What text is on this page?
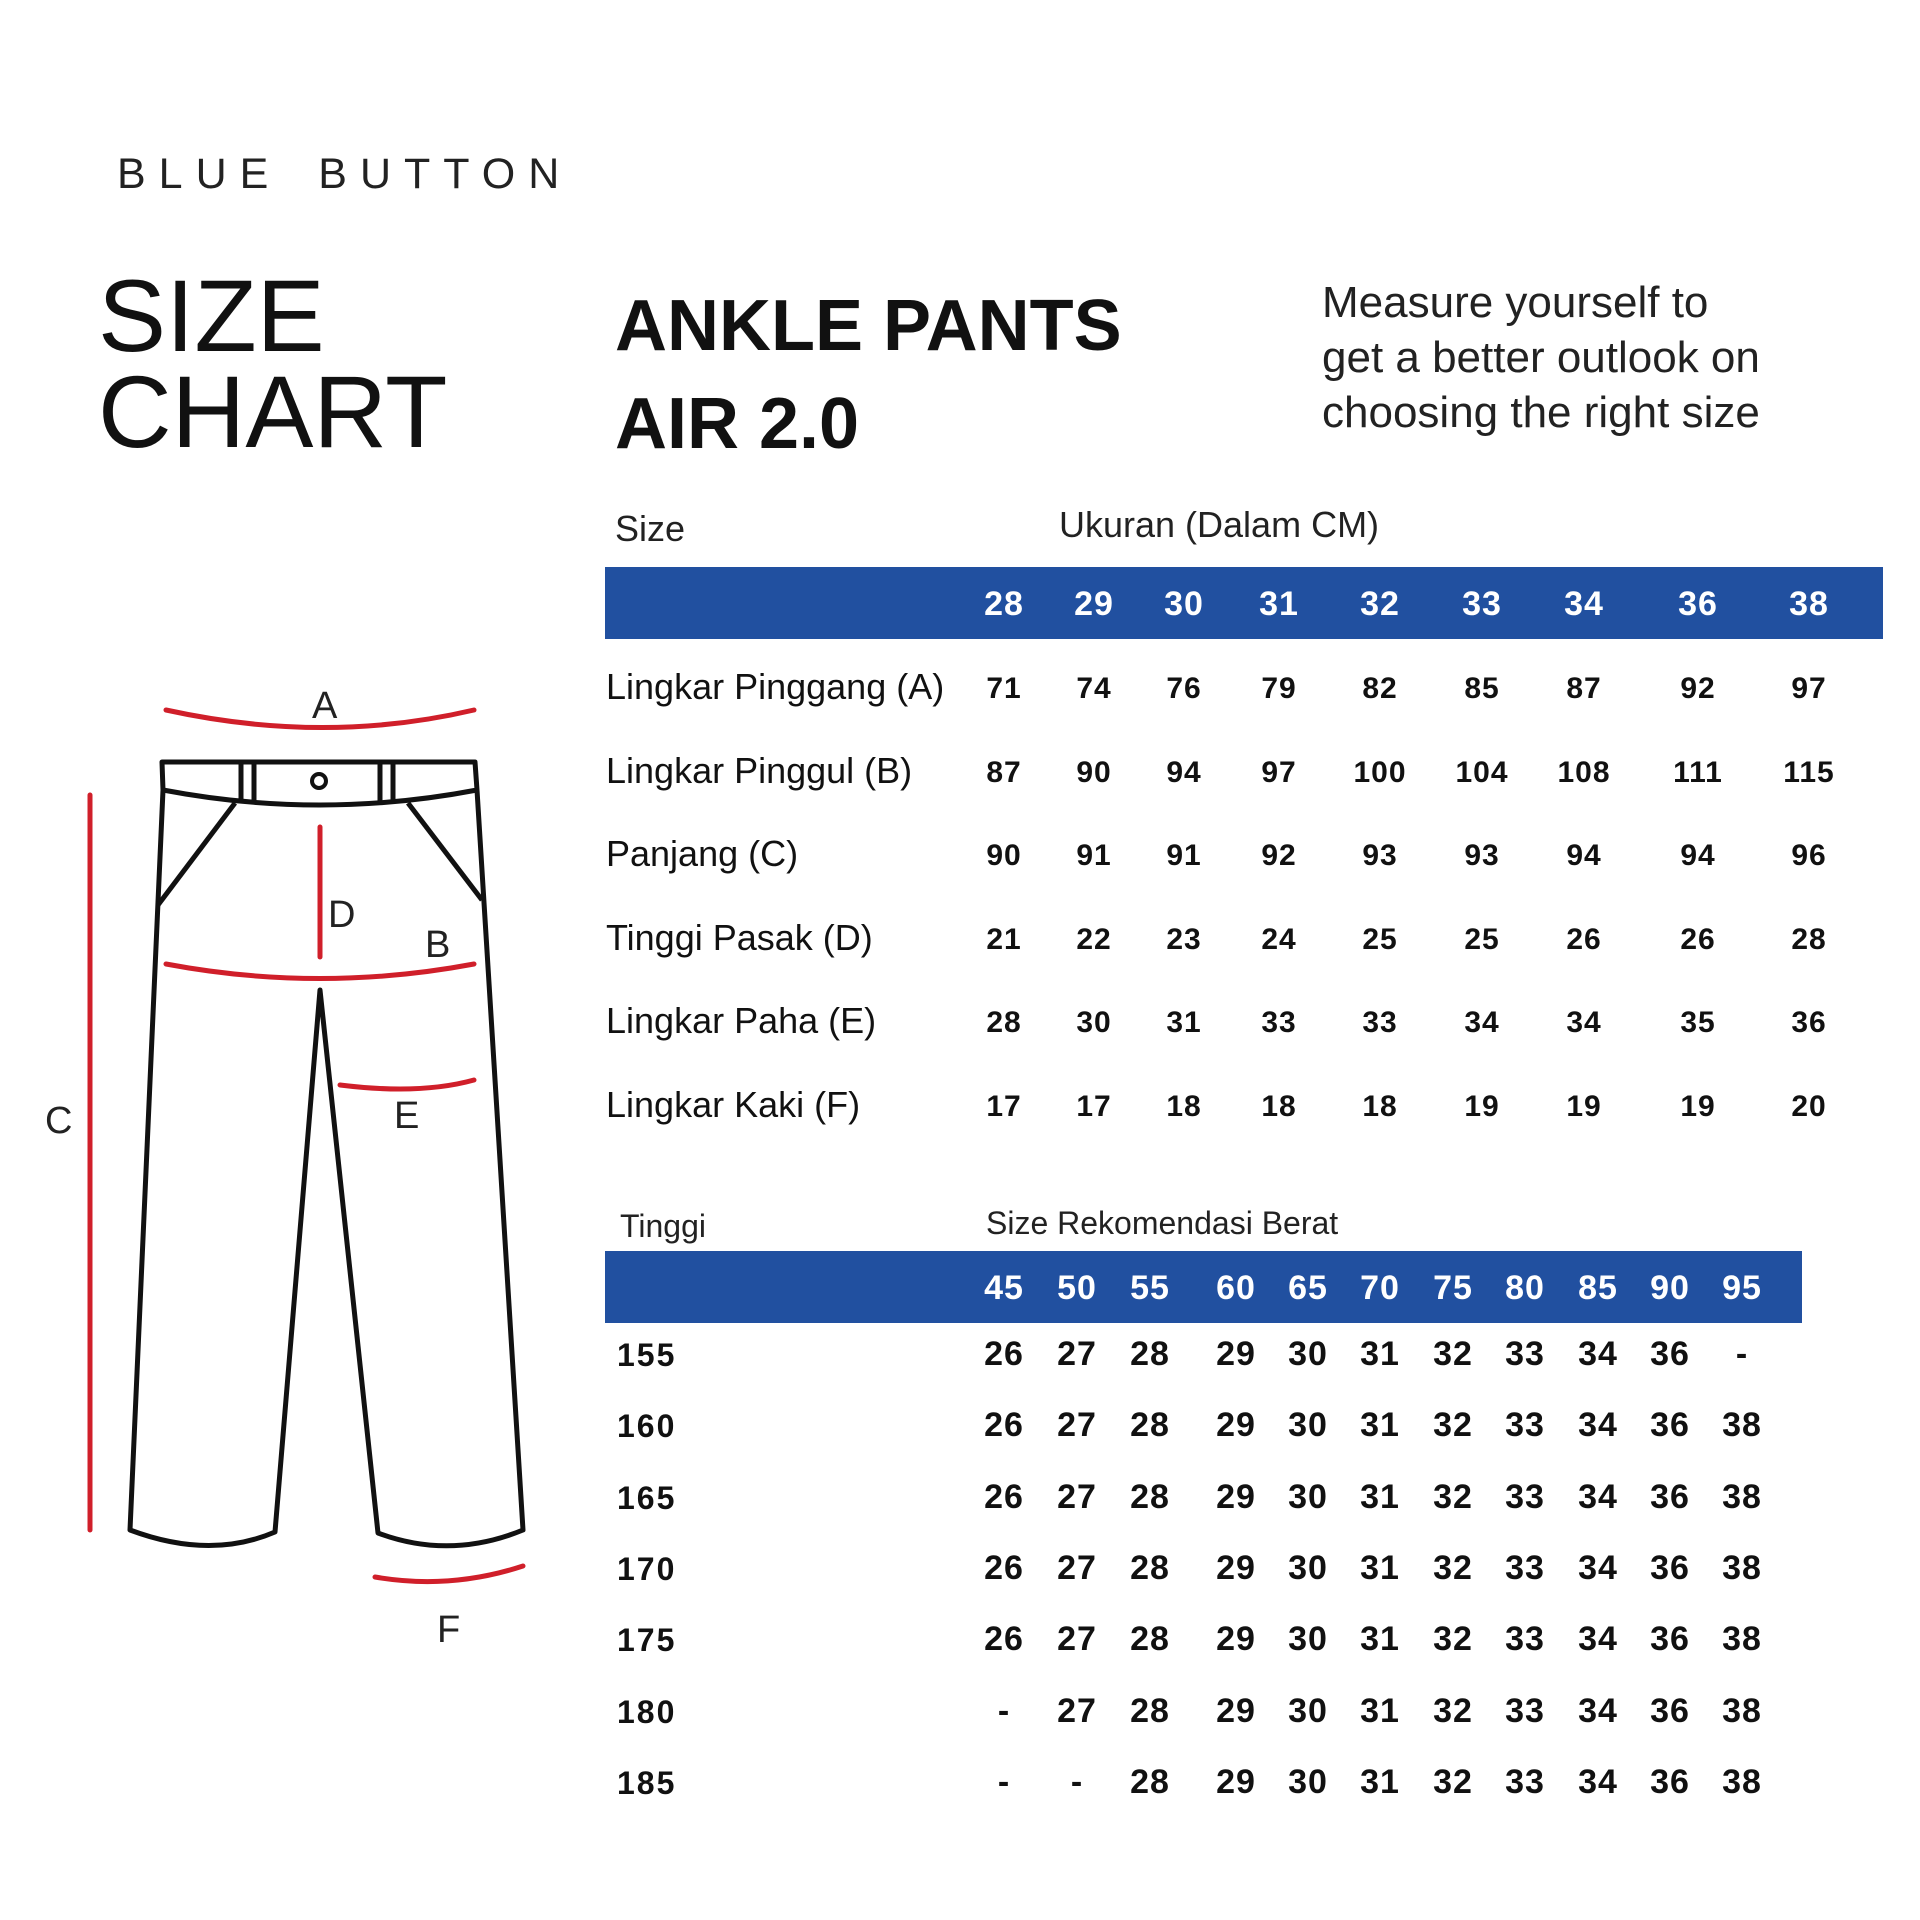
BLUE BUTTON
SIZE
CHART
ANKLE PANTS
AIR 2.0
Measure yourself to
get a better outlook on
choosing the right size
A
D
B
C	E
F
Size	Ukuran (Dalam CM)
28 29 30 31 32 33 34 36 38
Lingkar Pinggang (A) 71 74 76 79 82 85 87	92	97
Lingkar Pinggul (B) 87 90 94 97 100 104 108 111 115
Panjang (C)	90 91 91 92 93 93 94	94	96
Tinggi Pasak (D)	21 22 23 24 25 25 26	26	28
Lingkar Paha (E)	28 30 31 33 33 34 34	35	36
Lingkar Kaki (F)	17 17 18 18 18 19 19	19	20
Tinggi	Size Rekomendasi Berat
45 50 55 60 65 70 75 80 85 90 95
155	26 27 28 29 30 31 32 33 34 36 -
160	26 27 28 29 30 31 32 33 34 36 38
165	26 27 28 29 30 31 32 33 34 36 38
170	26 27 28 29 30 31 32 33 34 36 38
175	26 27 28 29 30 31 32 33 34 36 38
180	- 27 28 29 30 31 32 33 34 36 38
185	- - 28 29 30 31 32 33 34 36 38
